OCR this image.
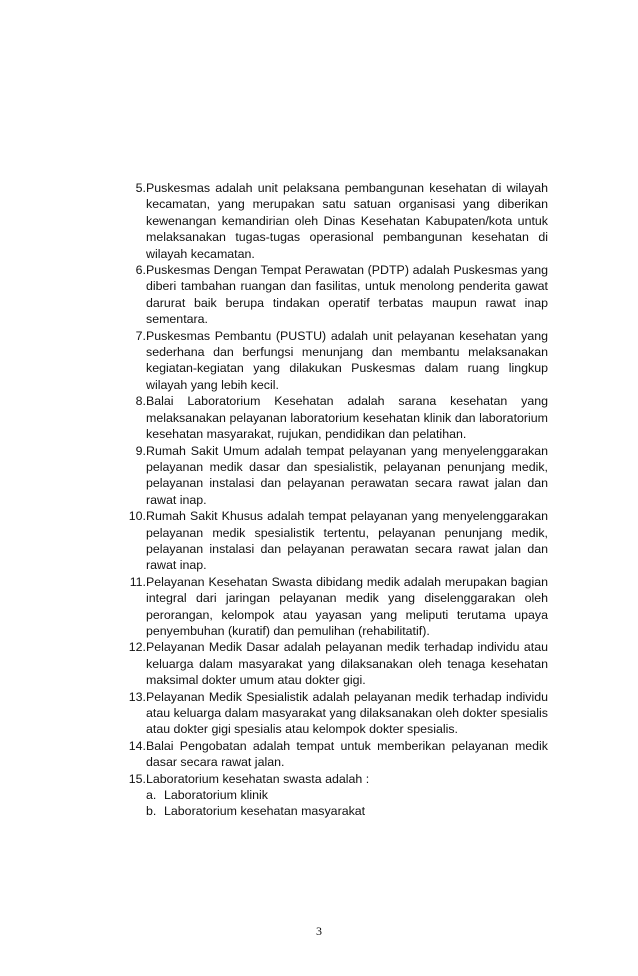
5. Puskesmas adalah unit pelaksana pembangunan kesehatan di wilayah kecamatan, yang merupakan satu satuan organisasi yang diberikan kewenangan kemandirian oleh Dinas Kesehatan Kabupaten/kota untuk melaksanakan tugas-tugas operasional pembangunan kesehatan di wilayah kecamatan.
6. Puskesmas Dengan Tempat Perawatan (PDTP) adalah Puskesmas yang diberi tambahan ruangan dan fasilitas, untuk menolong penderita gawat darurat baik berupa tindakan operatif terbatas maupun rawat inap sementara.
7. Puskesmas Pembantu (PUSTU) adalah unit pelayanan kesehatan yang sederhana dan berfungsi menunjang dan membantu melaksanakan kegiatan-kegiatan yang dilakukan Puskesmas dalam ruang lingkup wilayah yang lebih kecil.
8. Balai Laboratorium Kesehatan adalah sarana kesehatan yang melaksanakan pelayanan laboratorium kesehatan klinik dan laboratorium kesehatan masyarakat, rujukan, pendidikan dan pelatihan.
9. Rumah Sakit Umum adalah tempat pelayanan yang menyelenggarakan pelayanan medik dasar dan spesialistik, pelayanan penunjang medik, pelayanan instalasi dan pelayanan perawatan secara rawat jalan dan rawat inap.
10. Rumah Sakit Khusus adalah tempat pelayanan yang menyelenggarakan pelayanan medik spesialistik tertentu, pelayanan penunjang medik, pelayanan instalasi dan pelayanan perawatan secara rawat jalan dan rawat inap.
11. Pelayanan Kesehatan Swasta dibidang medik adalah merupakan bagian integral dari jaringan pelayanan medik yang diselenggarakan oleh perorangan, kelompok atau yayasan yang meliputi terutama upaya penyembuhan (kuratif) dan pemulihan (rehabilitatif).
12. Pelayanan Medik Dasar adalah pelayanan medik terhadap individu atau keluarga dalam masyarakat yang dilaksanakan oleh tenaga kesehatan maksimal dokter umum atau dokter gigi.
13. Pelayanan Medik Spesialistik adalah pelayanan medik terhadap individu atau keluarga dalam masyarakat yang dilaksanakan oleh dokter spesialis atau dokter gigi spesialis atau kelompok dokter spesialis.
14. Balai Pengobatan adalah tempat untuk memberikan pelayanan medik dasar secara rawat jalan.
15. Laboratorium kesehatan swasta adalah :
a. Laboratorium klinik
b. Laboratorium kesehatan masyarakat
3
